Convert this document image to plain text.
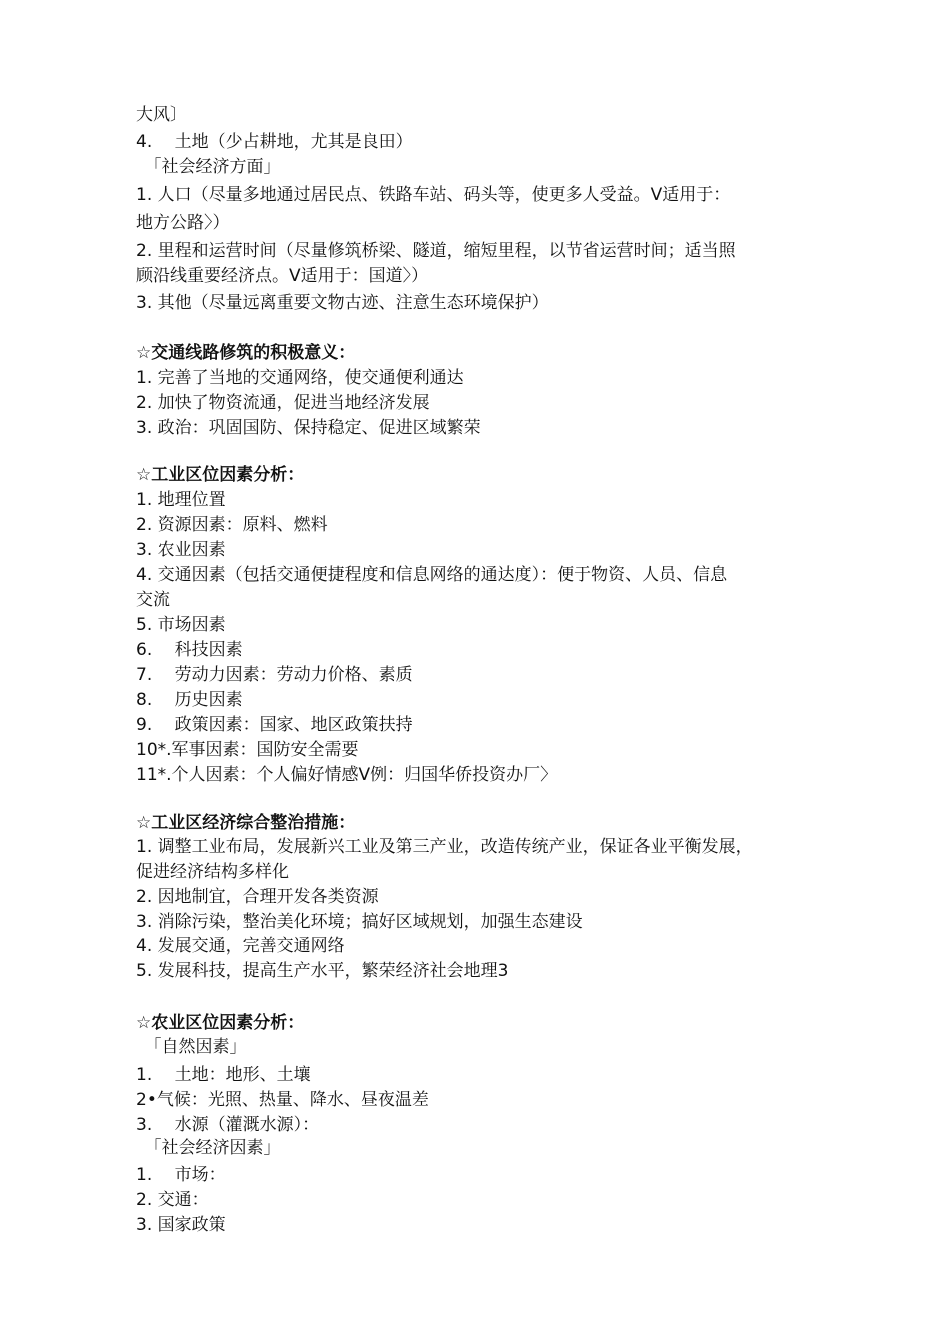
大风〕
4.　 土地（少占耕地，尤其是良田）
　「社会经济方面」
1. 人口（尽量多地通过居民点、铁路车站、码头等，使更多人受益。V适用于：
地方公路〉）
2. 里程和运营时间（尽量修筑桥梁、隧道，缩短里程，以节省运营时间；适当照
顾沿线重要经济点。V适用于：国道〉）
3. 其他（尽量远离重要文物古迹、注意生态环境保护）
☆交通线路修筑的积极意义：
1. 完善了当地的交通网络，使交通便利通达
2. 加快了物资流通，促进当地经济发展
3. 政治：巩固国防、保持稳定、促进区域繁荣
☆工业区位因素分析：
1. 地理位置
2. 资源因素：原料、燃料
3. 农业因素
4. 交通因素（包括交通便捷程度和信息网络的通达度）：便于物资、人员、信息
交流
5. 市场因素
6.　 科技因素
7.　 劳动力因素：劳动力价格、素质
8.　 历史因素
9.　 政策因素：国家、地区政策扶持
10*.军事因素：国防安全需要
11*.个人因素：个人偏好情感V例：归国华侨投资办厂〉
☆工业区经济综合整治措施：
1. 调整工业布局，发展新兴工业及第三产业，改造传统产业，保证各业平衡发展，
促进经济结构多样化
2. 因地制宜，合理开发各类资源
3. 消除污染，整治美化环境；搞好区域规划，加强生态建设
4. 发展交通，完善交通网络
5. 发展科技，提高生产水平，繁荣经济社会地理3
☆农业区位因素分析：
　「自然因素」
1.　 土地：地形、土壤
2•气候：光照、热量、降水、昼夜温差
3.　 水源（灌溉水源）：
　「社会经济因素」
1.　 市场：
2. 交通：
3. 国家政策
